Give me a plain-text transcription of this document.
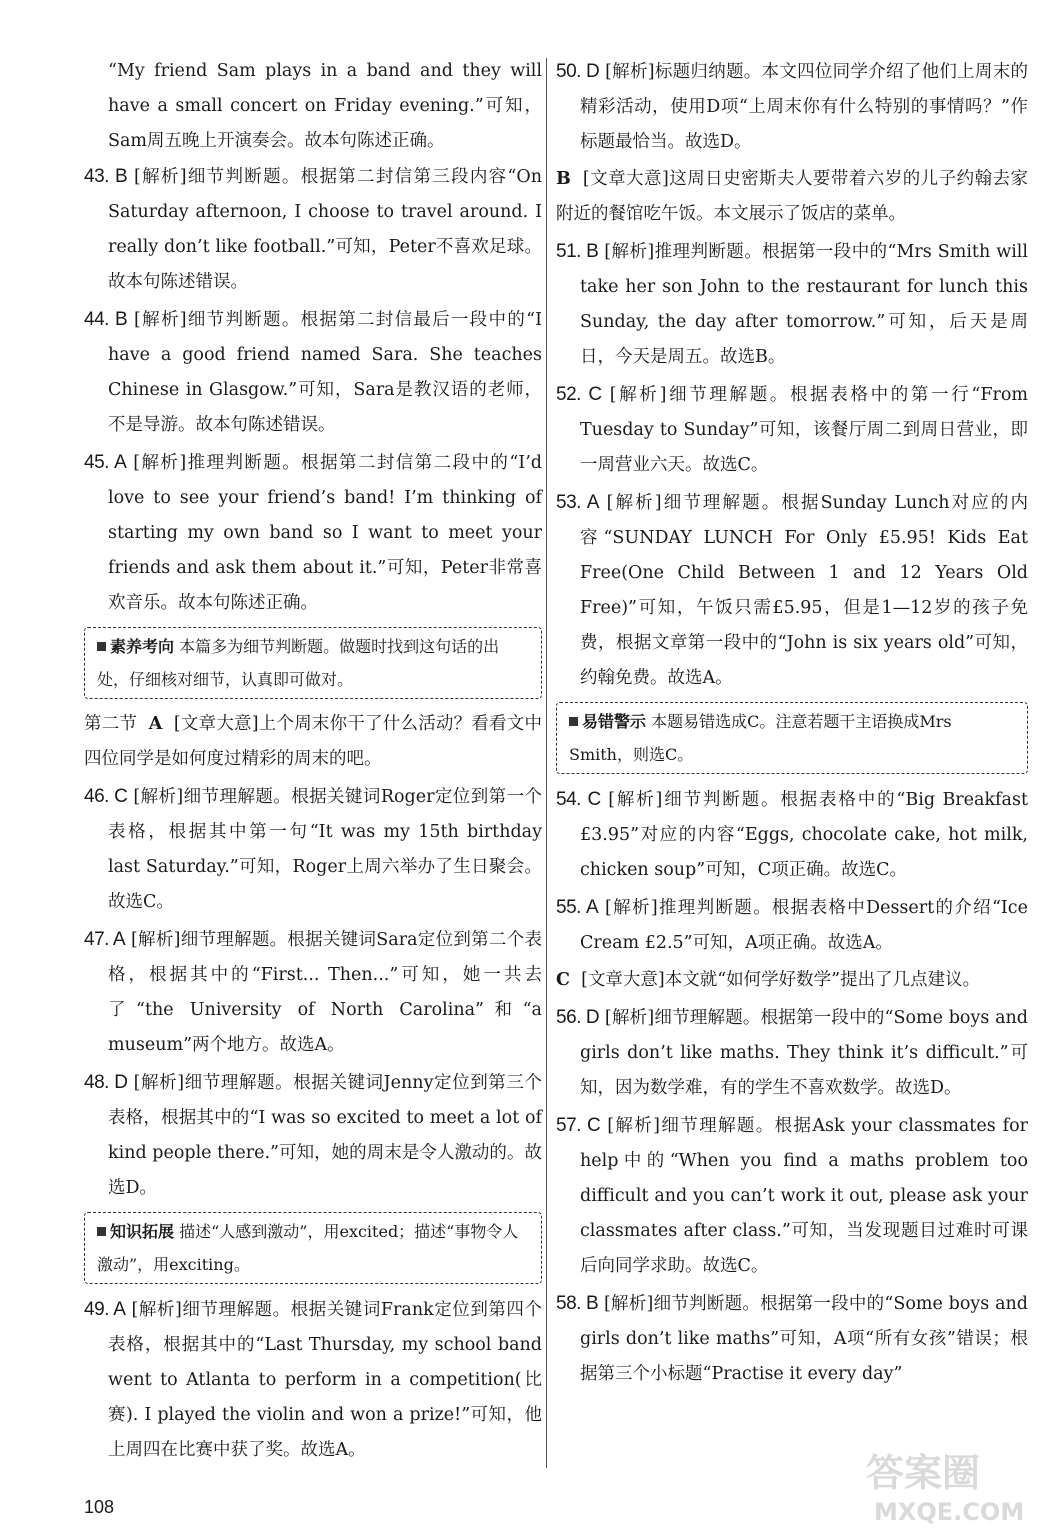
“My friend Sam plays in a band and they will have a small concert on Friday evening.”可知，Sam周五晚上开演奏会。故本句陈述正确。

43. B [解析]细节判断题。根据第二封信第三段内容“On Saturday afternoon, I choose to travel around. I really don’t like football.”可知，Peter不喜欢足球。故本句陈述错误。

44. B [解析]细节判断题。根据第二封信最后一段中的“I have a good friend named Sara. She teaches Chinese in Glasgow.”可知，Sara是教汉语的老师，不是导游。故本句陈述错误。

45. A [解析]推理判断题。根据第二封信第二段中的“I’d love to see your friend’s band! I’m thinking of starting my own band so I want to meet your friends and ask them about it.”可知，Peter非常喜欢音乐。故本句陈述正确。

素养考向 本篇多为细节判断题。做题时找到这句话的出处，仔细核对细节，认真即可做对。

第二节 A [文章大意]上个周末你干了什么活动？看看文中四位同学是如何度过精彩的周末的吧。

46. C [解析]细节理解题。根据关键词Roger定位到第一个表格，根据其中第一句“It was my 15th birthday last Saturday.”可知，Roger上周六举办了生日聚会。故选C。

47. A [解析]细节理解题。根据关键词Sara定位到第二个表格，根据其中的“First... Then...”可知，她一共去了“the University of North Carolina”和“a museum”两个地方。故选A。

48. D [解析]细节理解题。根据关键词Jenny定位到第三个表格，根据其中的“I was so excited to meet a lot of kind people there.”可知，她的周末是令人激动的。故选D。

知识拓展 描述“人感到激动”，用excited；描述“事物令人激动”，用exciting。

49. A [解析]细节理解题。根据关键词Frank定位到第四个表格，根据其中的“Last Thursday, my school band went to Atlanta to perform in a competition(比赛). I played the violin and won a prize!”可知，他上周四在比赛中获了奖。故选A。

50. D [解析]标题归纳题。本文四位同学介绍了他们上周末的精彩活动，使用D项“上周末你有什么特别的事情吗？”作标题最恰当。故选D。

B [文章大意]这周日史密斯夫人要带着六岁的儿子约翰去家附近的餐馆吃午饭。本文展示了饭店的菜单。

51. B [解析]推理判断题。根据第一段中的“Mrs Smith will take her son John to the restaurant for lunch this Sunday, the day after tomorrow.”可知，后天是周日，今天是周五。故选B。

52. C [解析]细节理解题。根据表格中的第一行“From Tuesday to Sunday”可知，该餐厅周二到周日营业，即一周营业六天。故选C。

53. A [解析]细节理解题。根据Sunday Lunch对应的内容“SUNDAY LUNCH For Only £5.95! Kids Eat Free(One Child Between 1 and 12 Years Old Free)”可知，午饭只需£5.95，但是1—12岁的孩子免费，根据文章第一段中的“John is six years old”可知，约翰免费。故选A。

易错警示 本题易错选成C。注意若题干主语换成Mrs Smith，则选C。

54. C [解析]细节判断题。根据表格中的“Big Breakfast £3.95”对应的内容“Eggs, chocolate cake, hot milk, chicken soup”可知，C项正确。故选C。

55. A [解析]推理判断题。根据表格中Dessert的介绍“Ice Cream £2.5”可知，A项正确。故选A。

C [文章大意]本文就“如何学好数学”提出了几点建议。

56. D [解析]细节理解题。根据第一段中的“Some boys and girls don’t like maths. They think it’s difficult.”可知，因为数学难，有的学生不喜欢数学。故选D。

57. C [解析]细节理解题。根据Ask your classmates for help中的“When you find a maths problem too difficult and you can’t work it out, please ask your classmates after class.”可知，当发现题目过难时可课后向同学求助。故选C。

58. B [解析]细节判断题。根据第一段中的“Some boys and girls don’t like maths”可知，A项“所有女孩”错误；根据第三个小标题“Practise it every day”

108
答案圈
MXQE.COM
